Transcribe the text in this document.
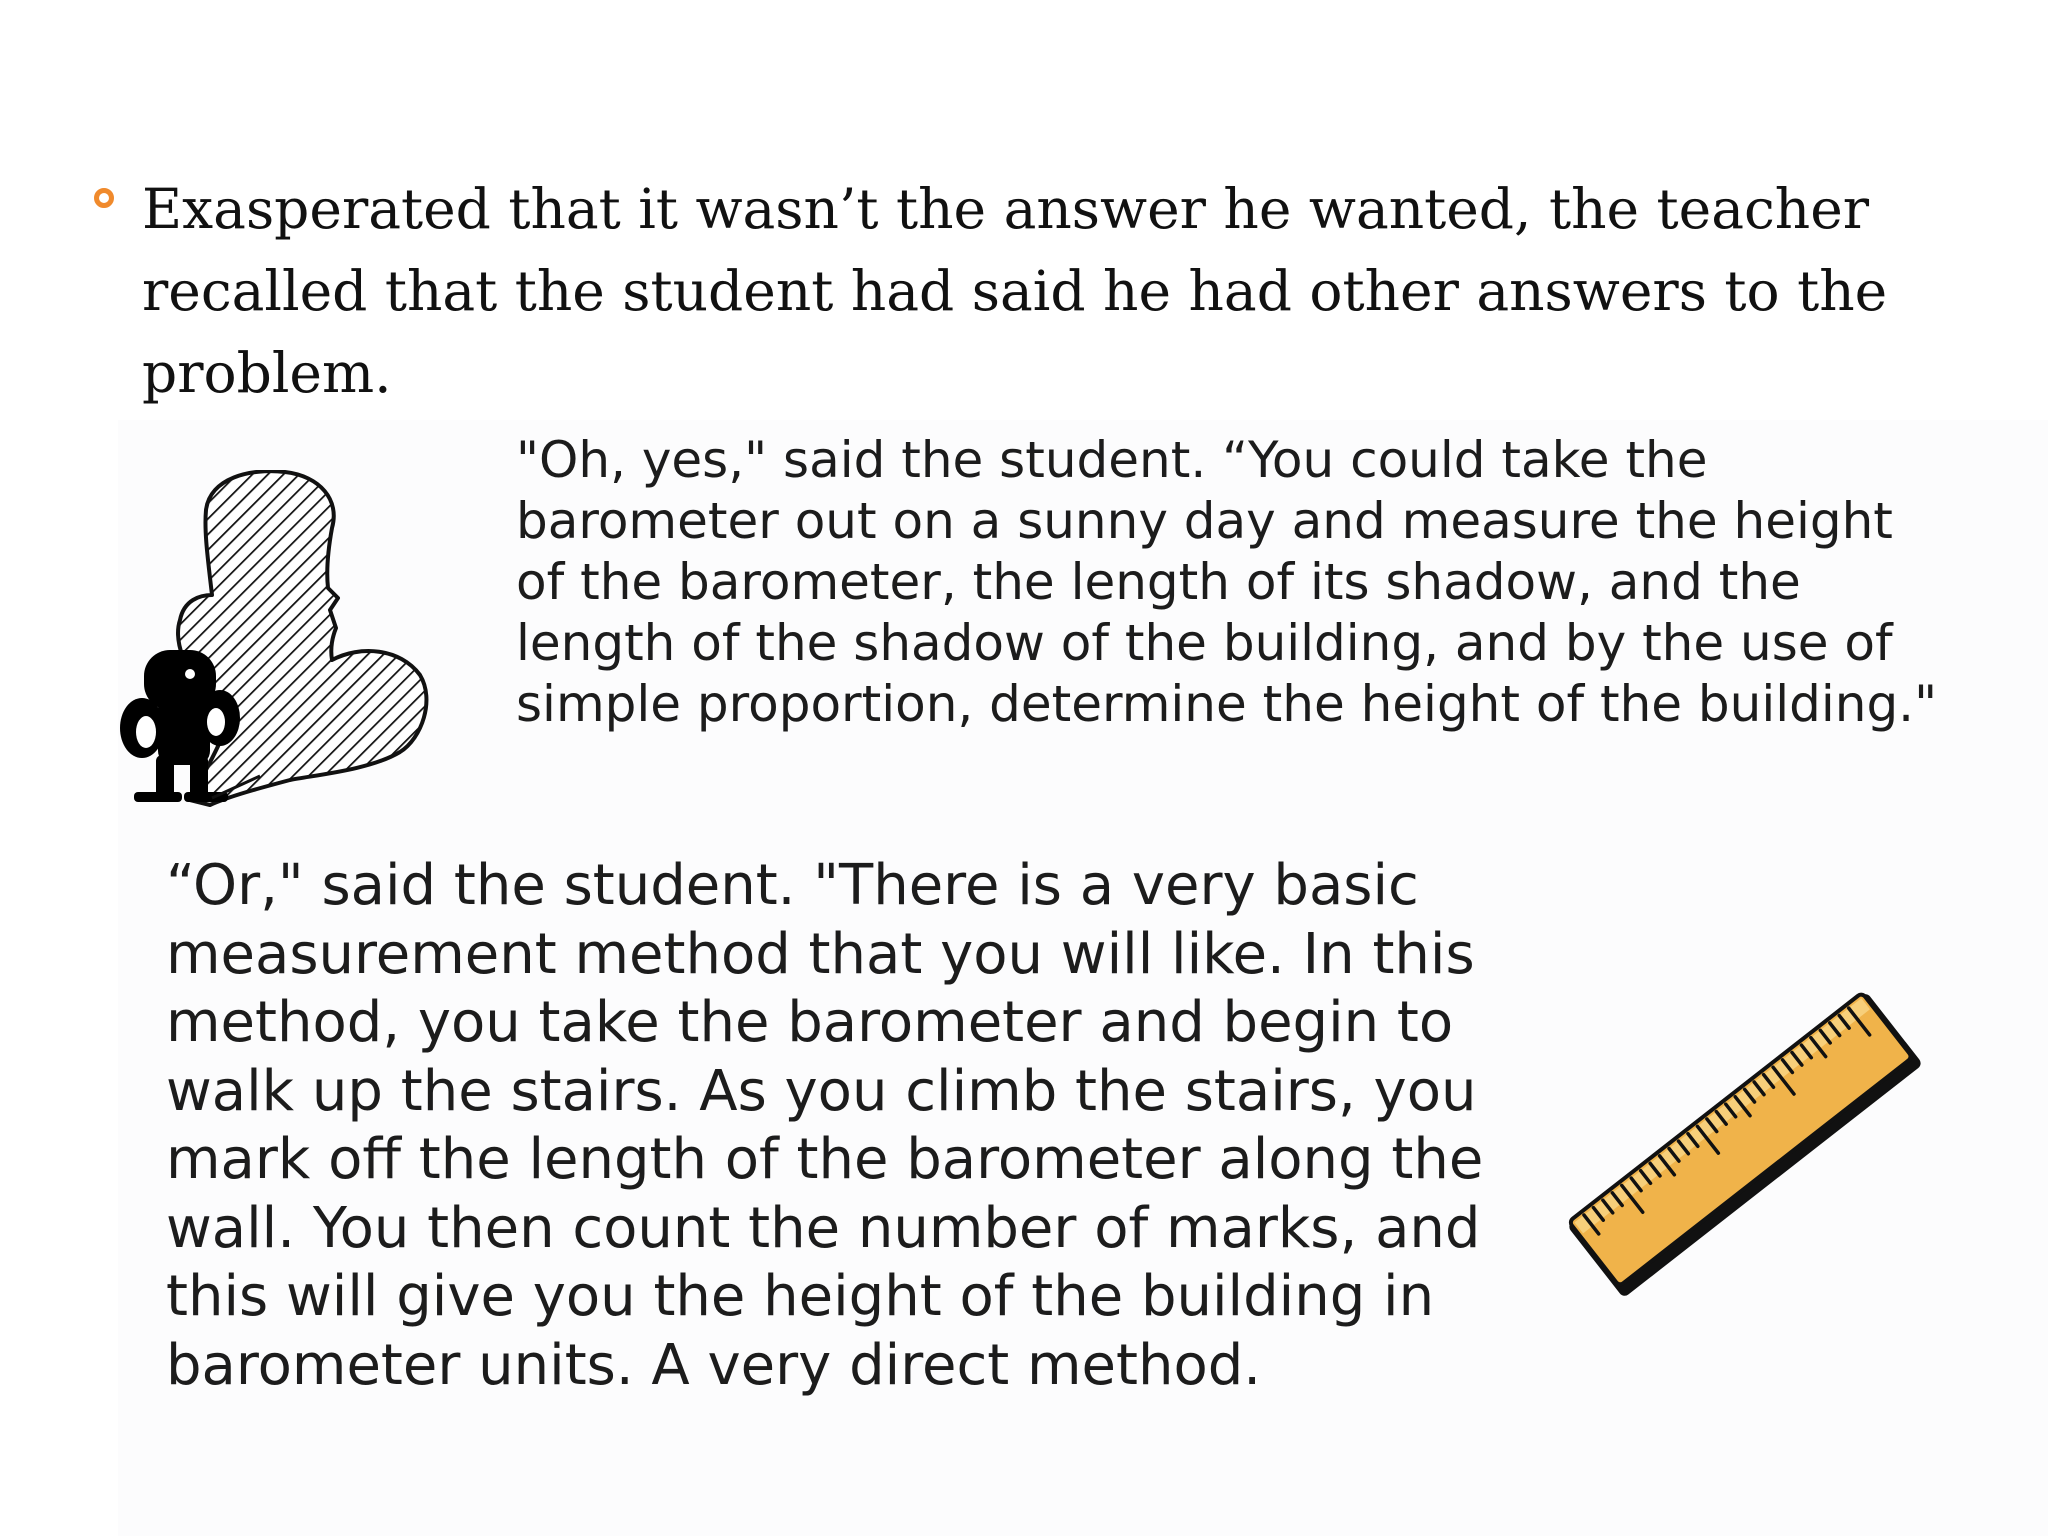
Exasperated that it wasn’t the answer he wanted, the teacher recalled that the student had said he had other answers to the problem.

"Oh, yes," said the student. “You could take the
barometer out on a sunny day and measure the height
of the barometer, the length of its shadow, and the
length of the shadow of the building, and by the use of
simple proportion, determine the height of the building."

“Or," said the student. "There is a very basic
measurement method that you will like. In this
method, you take the barometer and begin to
walk up the stairs. As you climb the stairs, you
mark off the length of the barometer along the
wall. You then count the number of marks, and
this will give you the height of the building in
barometer units. A very direct method.
